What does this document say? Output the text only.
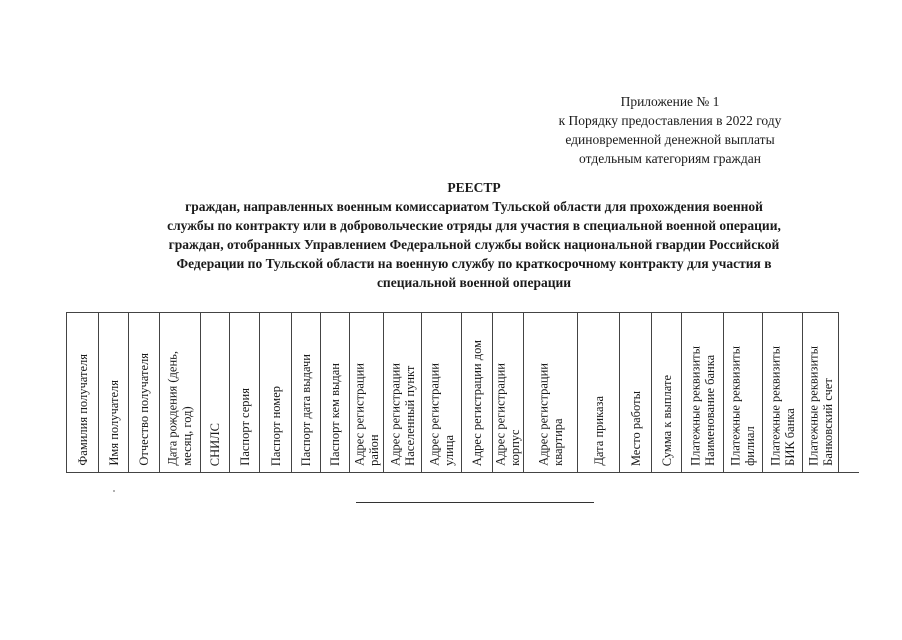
Приложение № 1
к Порядку предоставления в 2022 году
единовременной денежной выплаты
отдельным категориям граждан
РЕЕСТР
граждан, направленных военным комиссариатом Тульской области для прохождения военной
службы по контракту или в добровольческие отряды для участия в специальной военной операции,
граждан, отобранных Управлением Федеральной службы войск национальной гвардии Российской
Федерации по Тульской области на военную службу по краткосрочному контракту для участия в
специальной военной операции
Фамилия получателя Имя получателя Отчество получателя Дата рождения (день, месяц, год) СНИЛС Паспорт серия Паспорт номер Паспорт дата выдачи Паспорт кем выдан Адрес регистрации район Адрес регистрации Населенный пункт Адрес регистрации улица Адрес регистрации дом Адрес регистрации корпус Адрес регистрации квартира Дата приказа Место работы Сумма к выплате Платежные реквизиты Наименование банка Платежные реквизиты филиал Платежные реквизиты БИК банка Платежные реквизиты Банковский счет
